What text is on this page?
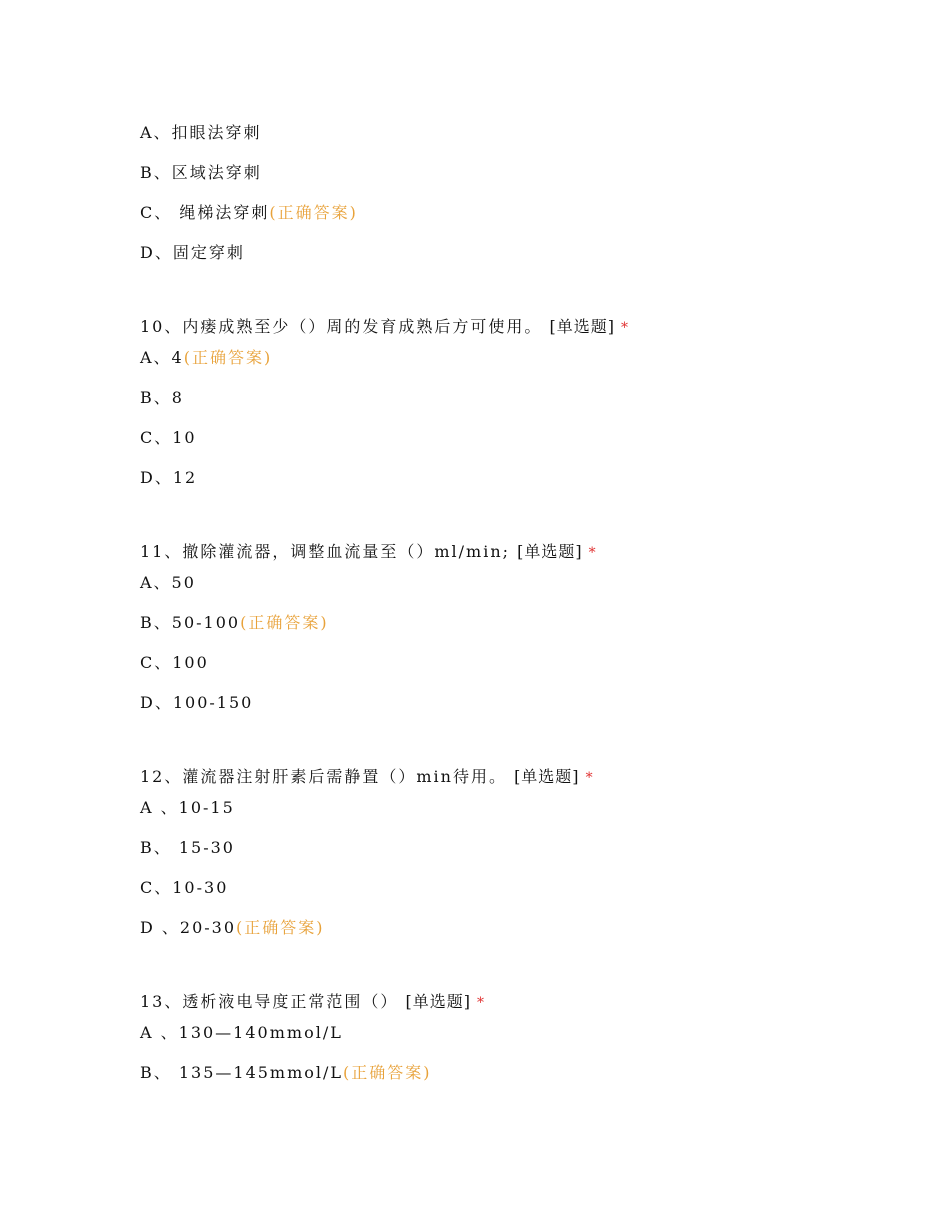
A、扣眼法穿刺
B、区域法穿刺
C、 绳梯法穿刺(正确答案)
D、固定穿刺
10、内瘘成熟至少（）周的发育成熟后方可使用。 [单选题] *
A、4(正确答案)
B、8
C、10
D、12
11、撤除灌流器，调整血流量至（）ml/min; [单选题] *
A、50
B、50-100(正确答案)
C、100
D、100-150
12、灌流器注射肝素后需静置（）min待用。 [单选题] *
A 、10-15
B、 15-30
C、10-30
D 、20-30(正确答案)
13、透析液电导度正常范围（） [单选题] *
A 、130—140mmol/L
B、 135—145mmol/L(正确答案)
